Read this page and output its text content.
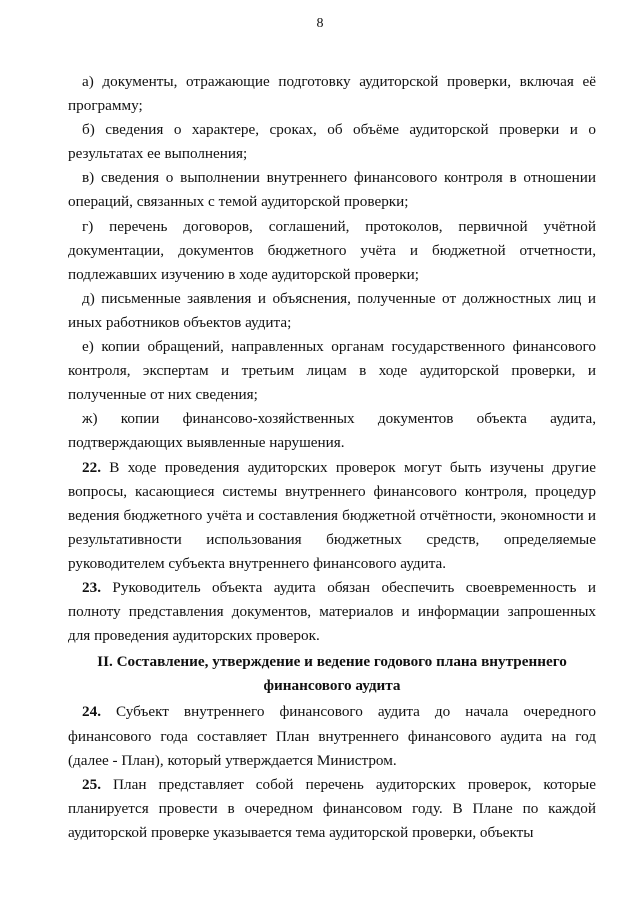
8

а) документы, отражающие подготовку аудиторской проверки, включая её программу;

б) сведения о характере, сроках, об объёме аудиторской проверки и о результатах ее выполнения;

в) сведения о выполнении внутреннего финансового контроля в отношении операций, связанных с темой аудиторской проверки;

г) перечень договоров, соглашений, протоколов, первичной учётной документации, документов бюджетного учёта и бюджетной отчетности, подлежавших изучению в ходе аудиторской проверки;

д) письменные заявления и объяснения, полученные от должностных лиц и иных работников объектов аудита;

е) копии обращений, направленных органам государственного финансового контроля, экспертам и третьим лицам в ходе аудиторской проверки, и полученные от них сведения;

ж) копии финансово-хозяйственных документов объекта аудита, подтверждающих выявленные нарушения.

22. В ходе проведения аудиторских проверок могут быть изучены другие вопросы, касающиеся системы внутреннего финансового контроля, процедур ведения бюджетного учёта и составления бюджетной отчётности, экономности и результативности использования бюджетных средств, определяемые руководителем субъекта внутреннего финансового аудита.

23. Руководитель объекта аудита обязан обеспечить своевременность и полноту представления документов, материалов и информации запрошенных для проведения аудиторских проверок.

II. Составление, утверждение и ведение годового плана внутреннего
финансового аудита

24. Субъект внутреннего финансового аудита до начала очередного финансового года составляет План внутреннего финансового аудита на год (далее - План), который утверждается Министром.

25. План представляет собой перечень аудиторских проверок, которые планируется провести в очередном финансовом году. В Плане по каждой аудиторской проверке указывается тема аудиторской проверки, объекты
